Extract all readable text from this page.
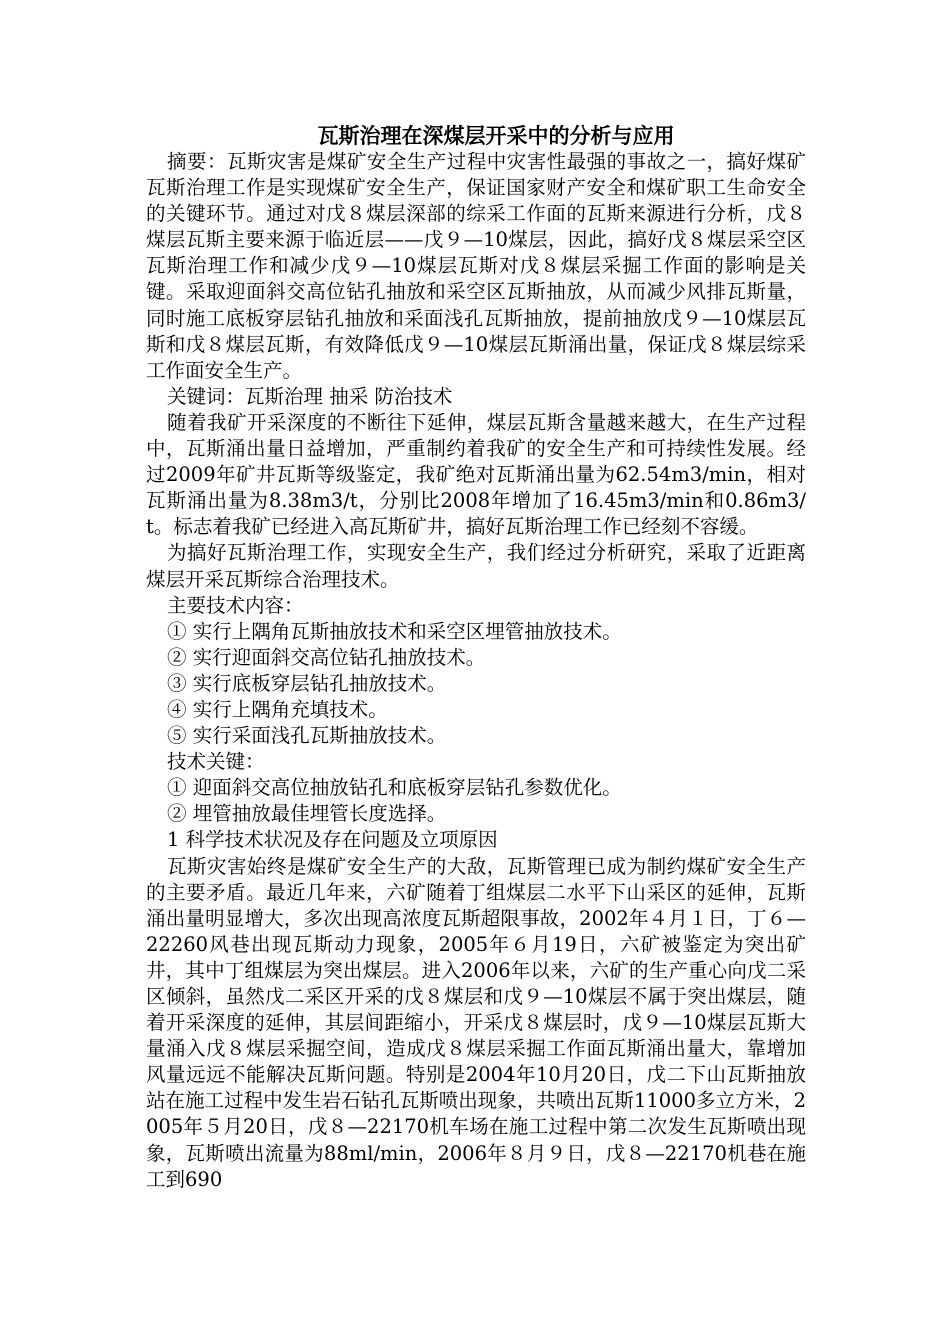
瓦斯治理在深煤层开采中的分析与应用

摘要：瓦斯灾害是煤矿安全生产过程中灾害性最强的事故之一，搞好煤矿瓦斯治理工作是实现煤矿安全生产，保证国家财产安全和煤矿职工生命安全的关键环节。通过对戊８煤层深部的综采工作面的瓦斯来源进行分析，戊８煤层瓦斯主要来源于临近层——戊９—10煤层，因此，搞好戊８煤层采空区瓦斯治理工作和减少戊９—10煤层瓦斯对戊８煤层采掘工作面的影响是关键。采取迎面斜交高位钻孔抽放和采空区瓦斯抽放，从而减少风排瓦斯量，同时施工底板穿层钻孔抽放和采面浅孔瓦斯抽放，提前抽放戊９—10煤层瓦斯和戊８煤层瓦斯，有效降低戊９—10煤层瓦斯涌出量，保证戊８煤层综采工作面安全生产。

关键词：瓦斯治理 抽采 防治技术

随着我矿开采深度的不断往下延伸，煤层瓦斯含量越来越大，在生产过程中，瓦斯涌出量日益增加，严重制约着我矿的安全生产和可持续性发展。经过2009年矿井瓦斯等级鉴定，我矿绝对瓦斯涌出量为62.54m3/min，相对瓦斯涌出量为8.38m3/t，分别比2008年增加了16.45m3/min和0.86m3/t。标志着我矿已经进入高瓦斯矿井，搞好瓦斯治理工作已经刻不容缓。

为搞好瓦斯治理工作，实现安全生产，我们经过分析研究，采取了近距离煤层开采瓦斯综合治理技术。

主要技术内容：

① 实行上隅角瓦斯抽放技术和采空区埋管抽放技术。

② 实行迎面斜交高位钻孔抽放技术。

③ 实行底板穿层钻孔抽放技术。

④ 实行上隅角充填技术。

⑤ 实行采面浅孔瓦斯抽放技术。

技术关键：

① 迎面斜交高位抽放钻孔和底板穿层钻孔参数优化。

② 埋管抽放最佳埋管长度选择。

1 科学技术状况及存在问题及立项原因

瓦斯灾害始终是煤矿安全生产的大敌，瓦斯管理已成为制约煤矿安全生产的主要矛盾。最近几年来，六矿随着丁组煤层二水平下山采区的延伸，瓦斯涌出量明显增大，多次出现高浓度瓦斯超限事故，2002年４月１日，丁６—22260风巷出现瓦斯动力现象，2005年６月19日，六矿被鉴定为突出矿井，其中丁组煤层为突出煤层。进入2006年以来，六矿的生产重心向戊二采区倾斜，虽然戊二采区开采的戊８煤层和戊９—10煤层不属于突出煤层，随着开采深度的延伸，其层间距缩小，开采戊８煤层时，戊９—10煤层瓦斯大量涌入戊８煤层采掘空间，造成戊８煤层采掘工作面瓦斯涌出量大，靠增加风量远远不能解决瓦斯问题。特别是2004年10月20日，戊二下山瓦斯抽放站在施工过程中发生岩石钻孔瓦斯喷出现象，共喷出瓦斯11000多立方米，2005年５月20日，戊８—22170机车场在施工过程中第二次发生瓦斯喷出现象，瓦斯喷出流量为88ml/min，2006年８月９日，戊８—22170机巷在施工到690
